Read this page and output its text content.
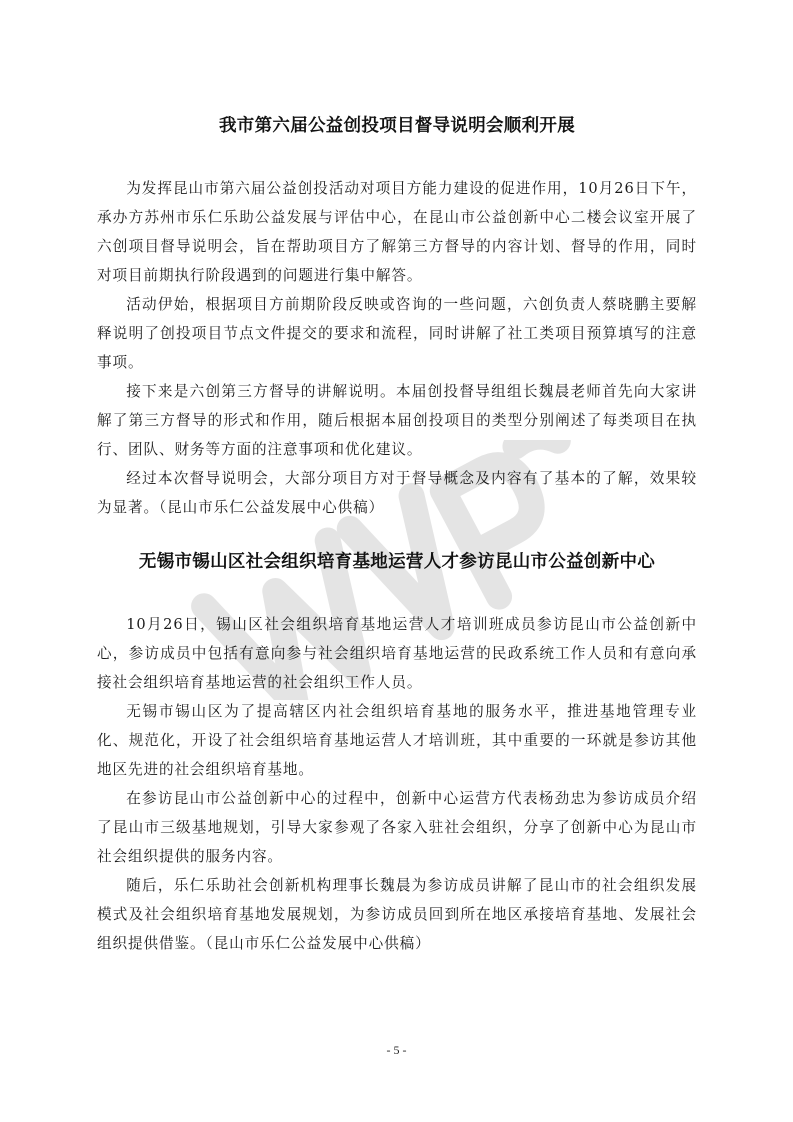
我市第六届公益创投项目督导说明会顺利开展

为发挥昆山市第六届公益创投活动对项目方能力建设的促进作用，10月26日下午，承办方苏州市乐仁乐助公益发展与评估中心，在昆山市公益创新中心二楼会议室开展了六创项目督导说明会，旨在帮助项目方了解第三方督导的内容计划、督导的作用，同时对项目前期执行阶段遇到的问题进行集中解答。

活动伊始，根据项目方前期阶段反映或咨询的一些问题，六创负责人蔡晓鹏主要解释说明了创投项目节点文件提交的要求和流程，同时讲解了社工类项目预算填写的注意事项。

接下来是六创第三方督导的讲解说明。本届创投督导组组长魏晨老师首先向大家讲解了第三方督导的形式和作用，随后根据本届创投项目的类型分别阐述了每类项目在执行、团队、财务等方面的注意事项和优化建议。

经过本次督导说明会，大部分项目方对于督导概念及内容有了基本的了解，效果较为显著。（昆山市乐仁公益发展中心供稿）

无锡市锡山区社会组织培育基地运营人才参访昆山市公益创新中心

10月26日，锡山区社会组织培育基地运营人才培训班成员参访昆山市公益创新中心，参访成员中包括有意向参与社会组织培育基地运营的民政系统工作人员和有意向承接社会组织培育基地运营的社会组织工作人员。

无锡市锡山区为了提高辖区内社会组织培育基地的服务水平，推进基地管理专业化、规范化，开设了社会组织培育基地运营人才培训班，其中重要的一环就是参访其他地区先进的社会组织培育基地。

在参访昆山市公益创新中心的过程中，创新中心运营方代表杨劲忠为参访成员介绍了昆山市三级基地规划，引导大家参观了各家入驻社会组织，分享了创新中心为昆山市社会组织提供的服务内容。

随后，乐仁乐助社会创新机构理事长魏晨为参访成员讲解了昆山市的社会组织发展模式及社会组织培育基地发展规划，为参访成员回到所在地区承接培育基地、发展社会组织提供借鉴。（昆山市乐仁公益发展中心供稿）

- 5 -
